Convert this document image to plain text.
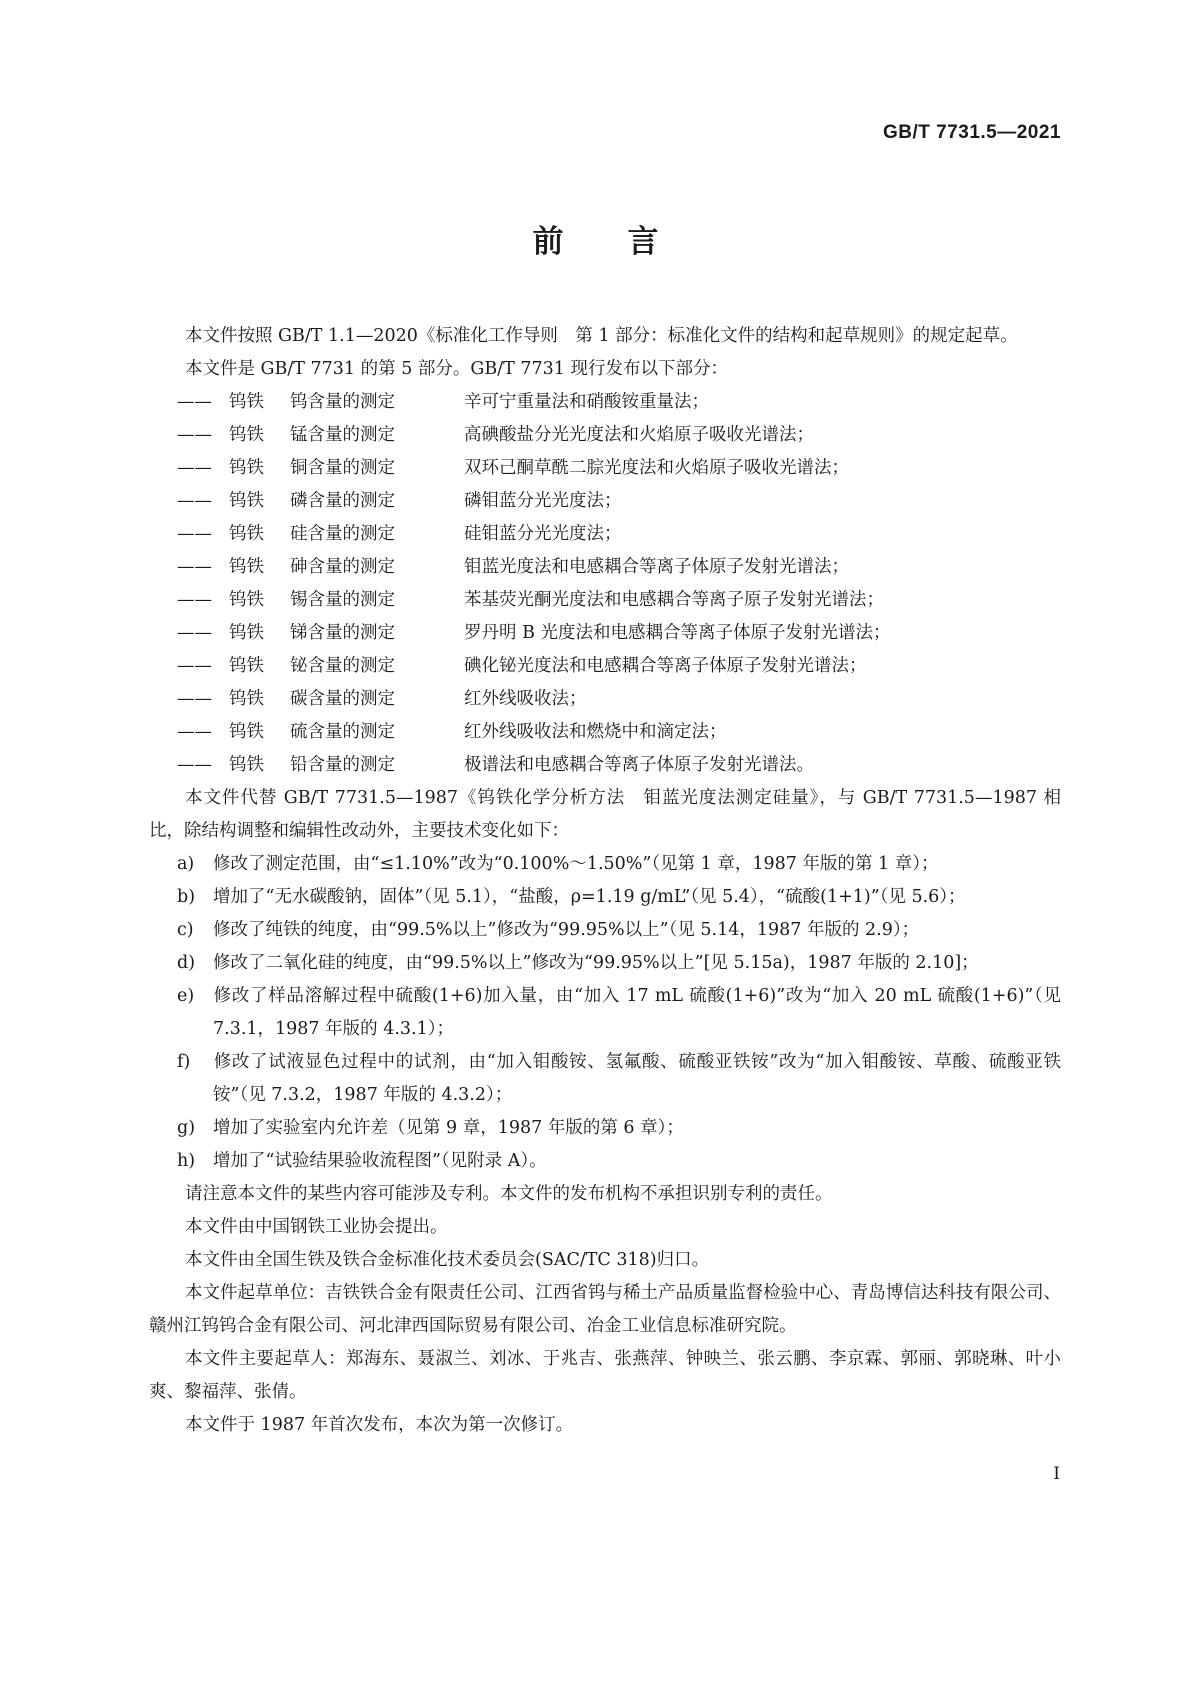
GB/T 7731.5—2021
前 言

本文件按照 GB/T 1.1—2020《标准化工作导则　第 1 部分：标准化文件的结构和起草规则》的规定起草。

本文件是 GB/T 7731 的第 5 部分。GB/T 7731 现行发布以下部分：

—— 钨铁 钨含量的测定	辛可宁重量法和硝酸铵重量法；

—— 钨铁 锰含量的测定	高碘酸盐分光光度法和火焰原子吸收光谱法；

—— 钨铁 铜含量的测定	双环己酮草酰二腙光度法和火焰原子吸收光谱法；

—— 钨铁 磷含量的测定	磷钼蓝分光光度法；

—— 钨铁 硅含量的测定	硅钼蓝分光光度法；

—— 钨铁 砷含量的测定	钼蓝光度法和电感耦合等离子体原子发射光谱法；

—— 钨铁 锡含量的测定	苯基荧光酮光度法和电感耦合等离子原子发射光谱法；

—— 钨铁 锑含量的测定	罗丹明 B 光度法和电感耦合等离子体原子发射光谱法；

—— 钨铁 铋含量的测定	碘化铋光度法和电感耦合等离子体原子发射光谱法；

—— 钨铁 碳含量的测定	红外线吸收法；

—— 钨铁 硫含量的测定	红外线吸收法和燃烧中和滴定法；

—— 钨铁 铅含量的测定	极谱法和电感耦合等离子体原子发射光谱法。

本文件代替 GB/T 7731.5—1987《钨铁化学分析方法　钼蓝光度法测定硅量》，与 GB/T 7731.5—1987 相比，除结构调整和编辑性改动外，主要技术变化如下：

a) 修改了测定范围，由“≤1.10%”改为“0.100%～1.50%”（见第 1 章，1987 年版的第 1 章）；

b) 增加了“无水碳酸钠，固体”（见 5.1），“盐酸，ρ=1.19 g/mL”（见 5.4），“硫酸(1+1)”（见 5.6）；

c) 修改了纯铁的纯度，由“99.5%以上”修改为“99.95%以上”（见 5.14，1987 年版的 2.9）；

d) 修改了二氧化硅的纯度，由“99.5%以上”修改为“99.95%以上”[见 5.15a)，1987 年版的 2.10]；

e) 修改了样品溶解过程中硫酸(1+6)加入量，由“加入 17 mL 硫酸(1+6)”改为“加入 20 mL 硫酸(1+6)”（见 7.3.1，1987 年版的 4.3.1）；

f) 修改了试液显色过程中的试剂，由“加入钼酸铵、氢氟酸、硫酸亚铁铵”改为“加入钼酸铵、草酸、硫酸亚铁铵”（见 7.3.2，1987 年版的 4.3.2）；

g) 增加了实验室内允许差（见第 9 章，1987 年版的第 6 章）；

h) 增加了“试验结果验收流程图”（见附录 A）。

请注意本文件的某些内容可能涉及专利。本文件的发布机构不承担识别专利的责任。

本文件由中国钢铁工业协会提出。

本文件由全国生铁及铁合金标准化技术委员会(SAC/TC 318)归口。

本文件起草单位：吉铁铁合金有限责任公司、江西省钨与稀土产品质量监督检验中心、青岛博信达科技有限公司、赣州江钨钨合金有限公司、河北津西国际贸易有限公司、冶金工业信息标准研究院。

本文件主要起草人：郑海东、聂淑兰、刘冰、于兆吉、张燕萍、钟映兰、张云鹏、李京霖、郭丽、郭晓琳、叶小爽、黎福萍、张倩。

本文件于 1987 年首次发布，本次为第一次修订。

I
